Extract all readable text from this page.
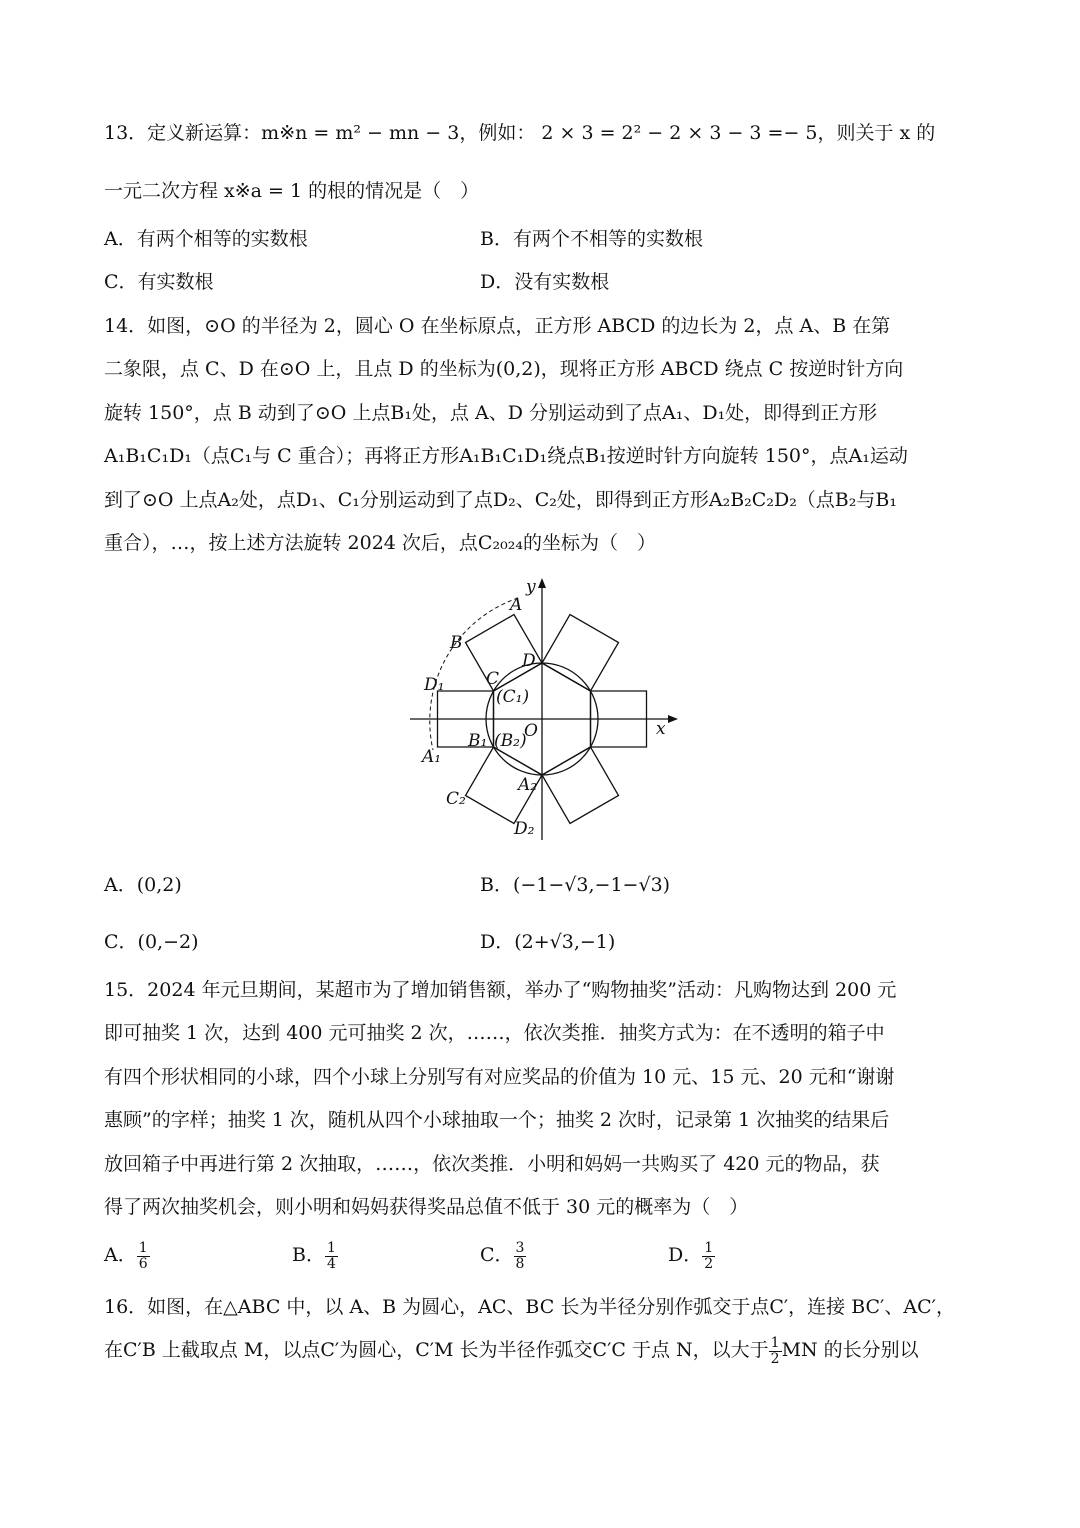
13．定义新运算：m※n = m² − mn − 3，例如： 2 × 3 = 2² − 2 × 3 − 3 =− 5，则关于 x 的
一元二次方程 x※a = 1 的根的情况是（　）
A．有两个相等的实数根	B．有两个不相等的实数根
C．有实数根	D．没有实数根
14．如图，⊙O 的半径为 2，圆心 O 在坐标原点，正方形 ABCD 的边长为 2，点 A、B 在第
二象限，点 C、D 在⊙O 上，且点 D 的坐标为(0,2)，现将正方形 ABCD 绕点 C 按逆时针方向
旋转 150°，点 B 动到了⊙O 上点B₁处，点 A、D 分别运动到了点A₁、D₁处，即得到正方形
A₁B₁C₁D₁（点C₁与 C 重合）；再将正方形A₁B₁C₁D₁绕点B₁按逆时针方向旋转 150°，点A₁运动
到了⊙O 上点A₂处，点D₁、C₁分别运动到了点D₂、C₂处，即得到正方形A₂B₂C₂D₂（点B₂与B₁
重合），…，按上述方法旋转 2024 次后，点C₂₀₂₄的坐标为（　）
y
x
O
A
B
D
C
(C₁)
D₁
B₁ (B₂)
A₁
A₂
C₂
D₂
A．(0,2)	B．(−1−√3,−1−√3)
C．(0,−2)	D．(2+√3,−1)
15．2024 年元旦期间，某超市为了增加销售额，举办了“购物抽奖”活动：凡购物达到 200 元
即可抽奖 1 次，达到 400 元可抽奖 2 次，……，依次类推．抽奖方式为：在不透明的箱子中
有四个形状相同的小球，四个小球上分别写有对应奖品的价值为 10 元、15 元、20 元和“谢谢
惠顾”的字样；抽奖 1 次，随机从四个小球抽取一个；抽奖 2 次时，记录第 1 次抽奖的结果后
放回箱子中再进行第 2 次抽取，……，依次类推．小明和妈妈一共购买了 420 元的物品，获
得了两次抽奖机会，则小明和妈妈获得奖品总值不低于 30 元的概率为（　）
A． $\frac{1}{6}$	B． $\frac{1}{4}$	C． $\frac{3}{8}$	D． $\frac{1}{2}$
16．如图，在△ABC 中，以 A、B 为圆心，AC、BC 长为半径分别作弧交于点C′，连接 BC′、AC′，
在C′B 上截取点 M，以点C′为圆心，C′M 长为半径作弧交C′C 于点 N，以大于 $\frac{1}{2}$ MN 的长分别以
